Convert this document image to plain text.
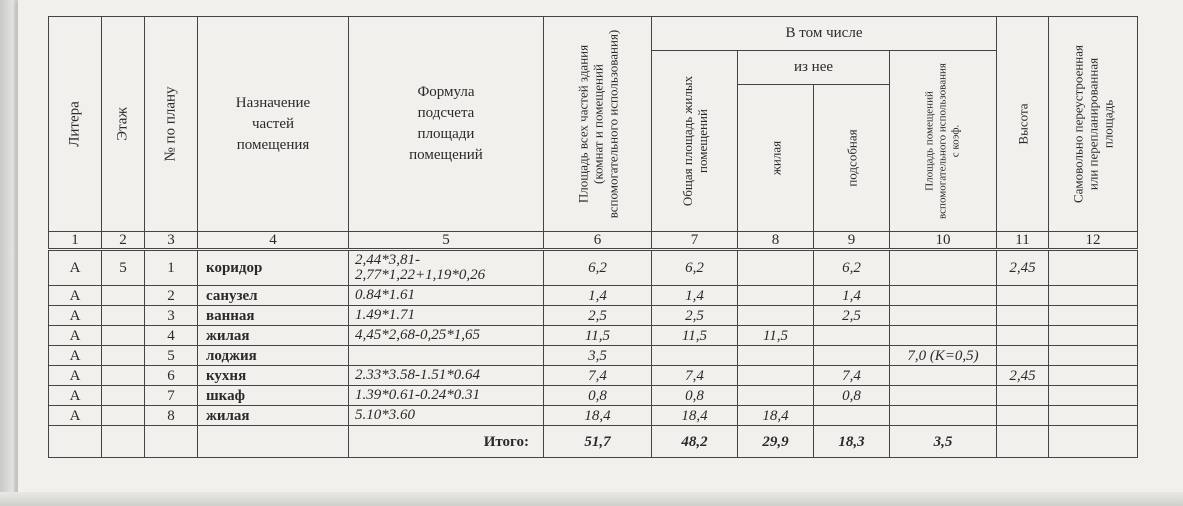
Литера	Этаж	№ по плану	Назначение частей помещения	Формула подсчета площади помещений	Площадь всех частей здания (комнат и помещений вспомогательного использования)	В том числе				Высота	Самовольно переустроенная или перепланированная площадь

						Общая площадь жилых помещений	из нее		Площадь помещений вспомогательного использования с коэф.		

							жилая	подсобная			

1	2	3	4	5	6	7	8	9	10	11	12
А	5	1	коридор	2,44*3,81-2,77*1,22+1,19*0,26	6,2	6,2		6,2		2,45	
А		2	санузел	0.84*1.61	1,4	1,4		1,4			
А		3	ванная	1.49*1.71	2,5	2,5		2,5			
А		4	жилая	4,45*2,68-0,25*1,65	11,5	11,5	11,5				
А		5	лоджия		3,5				7,0 (K=0,5)		
А		6	кухня	2.33*3.58-1.51*0.64	7,4	7,4		7,4		2,45	
А		7	шкаф	1.39*0.61-0.24*0.31	0,8	0,8		0,8			
А		8	жилая	5.10*3.60	18,4	18,4	18,4				
				Итого:	51,7	48,2	29,9	18,3	3,5		
